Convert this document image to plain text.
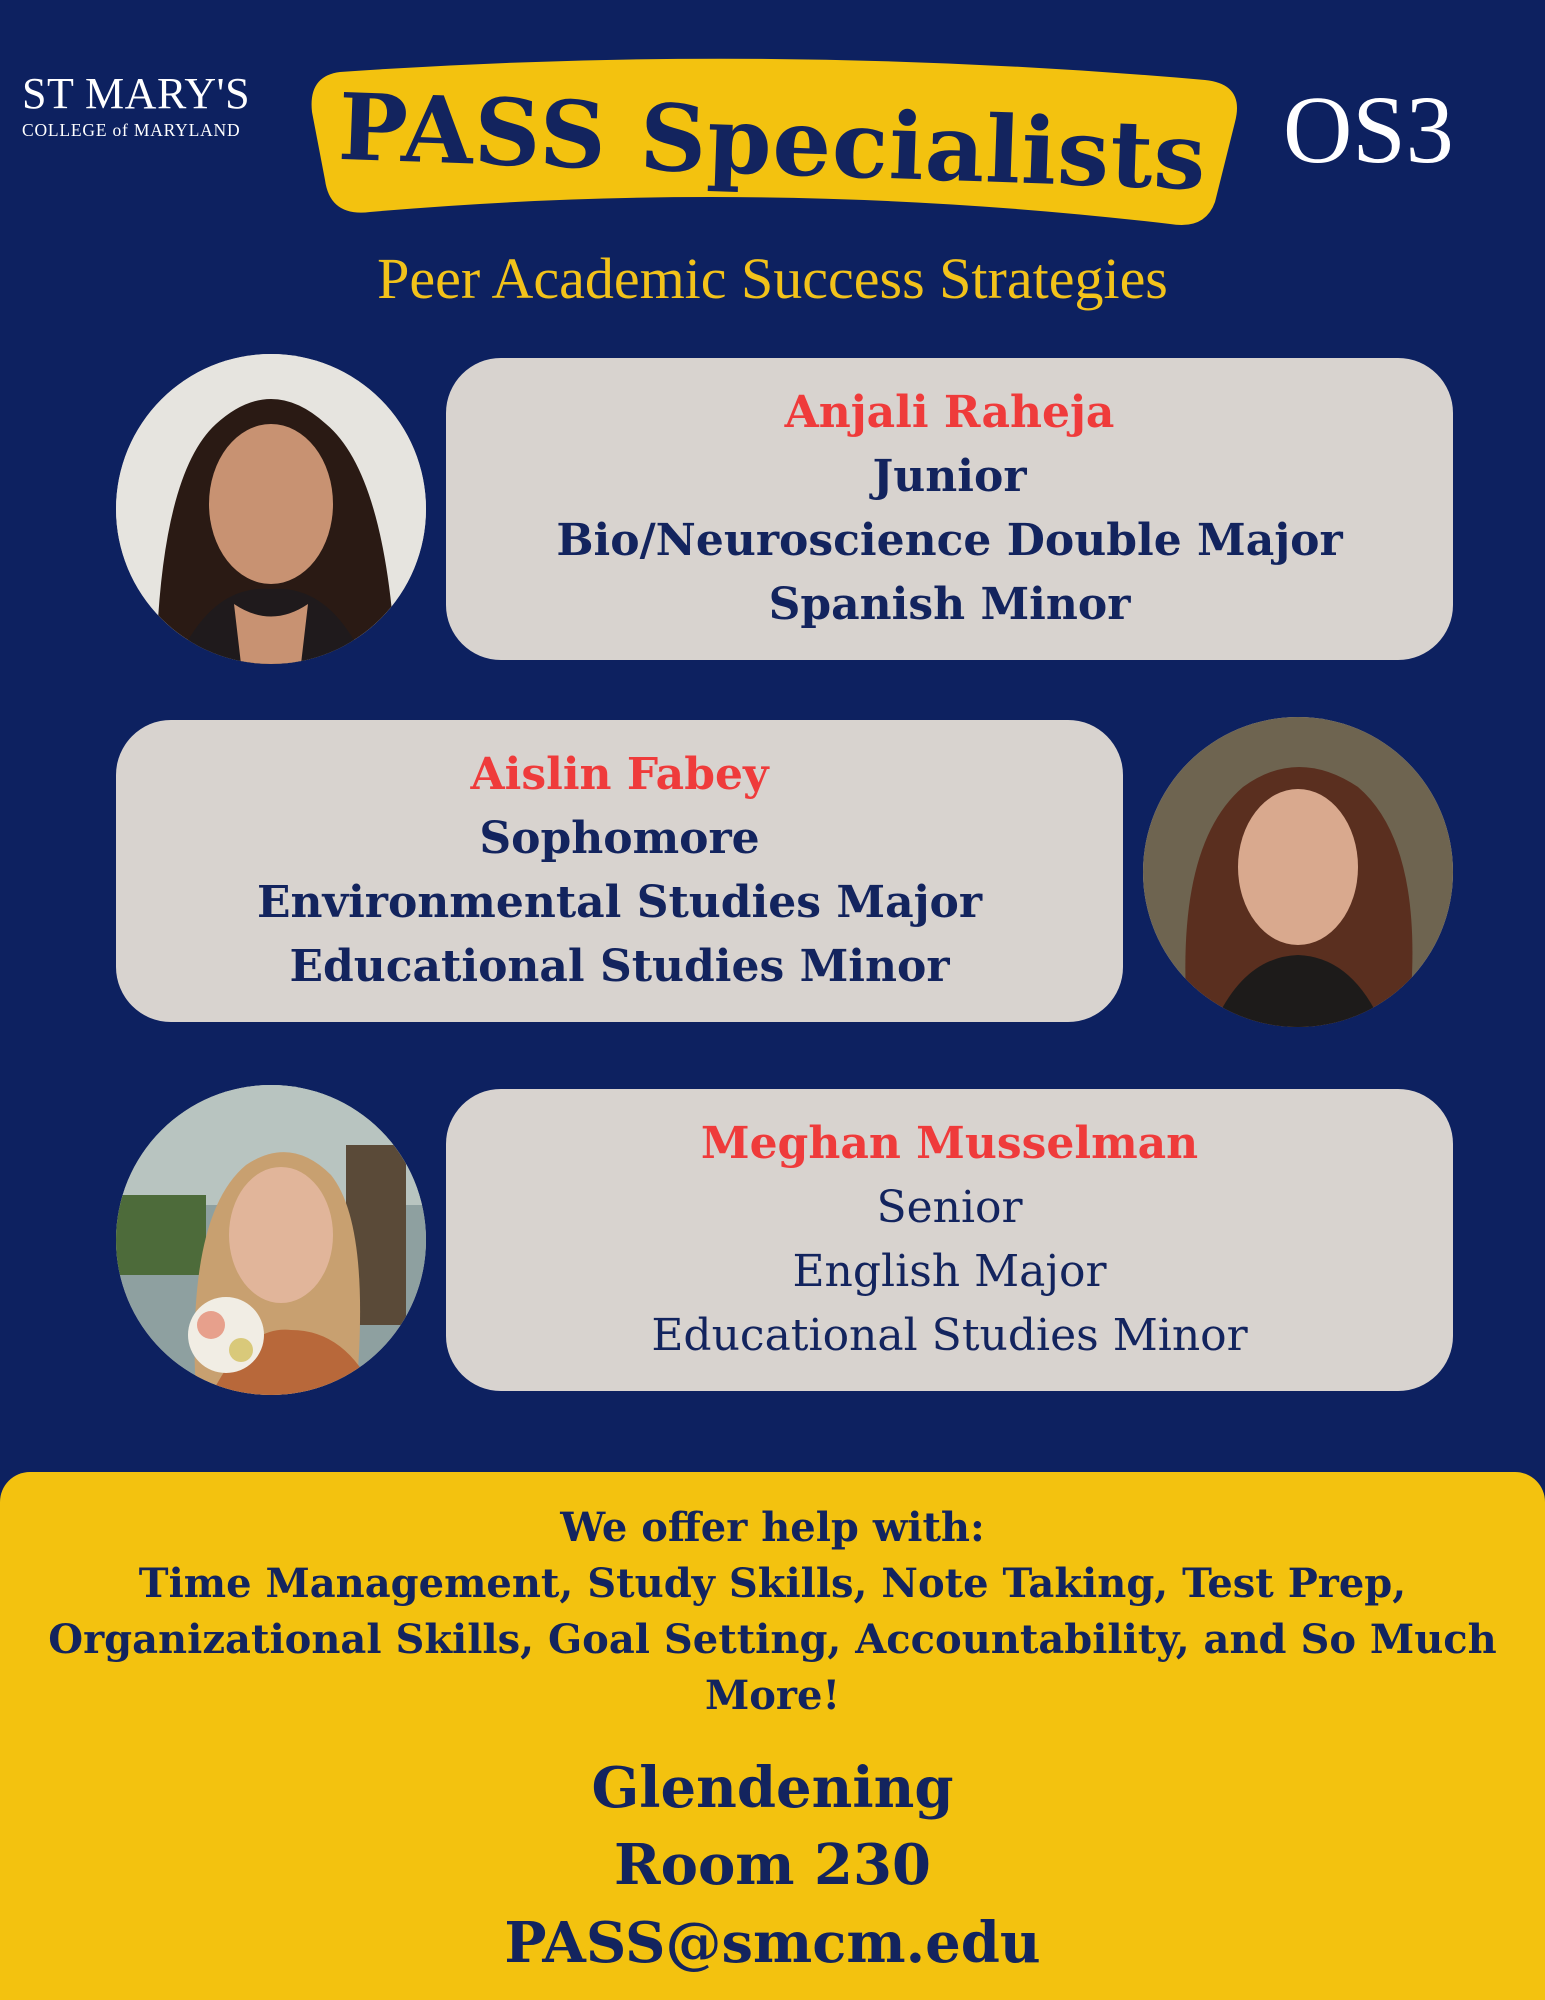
ST MARY'S
COLLEGE of MARYLAND	PASS Specialists OS3
Peer Academic Success Strategies
Anjali Raheja
Junior
Bio/Neuroscience Double Major
Spanish Minor
Aislin Fabey
Sophomore
Environmental Studies Major
Educational Studies Minor
Meghan Musselman
Senior
English Major
Educational Studies Minor
We offer help with:
Time Management, Study Skills, Note Taking, Test Prep,
Organizational Skills, Goal Setting, Accountability, and So Much
More!
Glendening
Room 230
PASS@smcm.edu
